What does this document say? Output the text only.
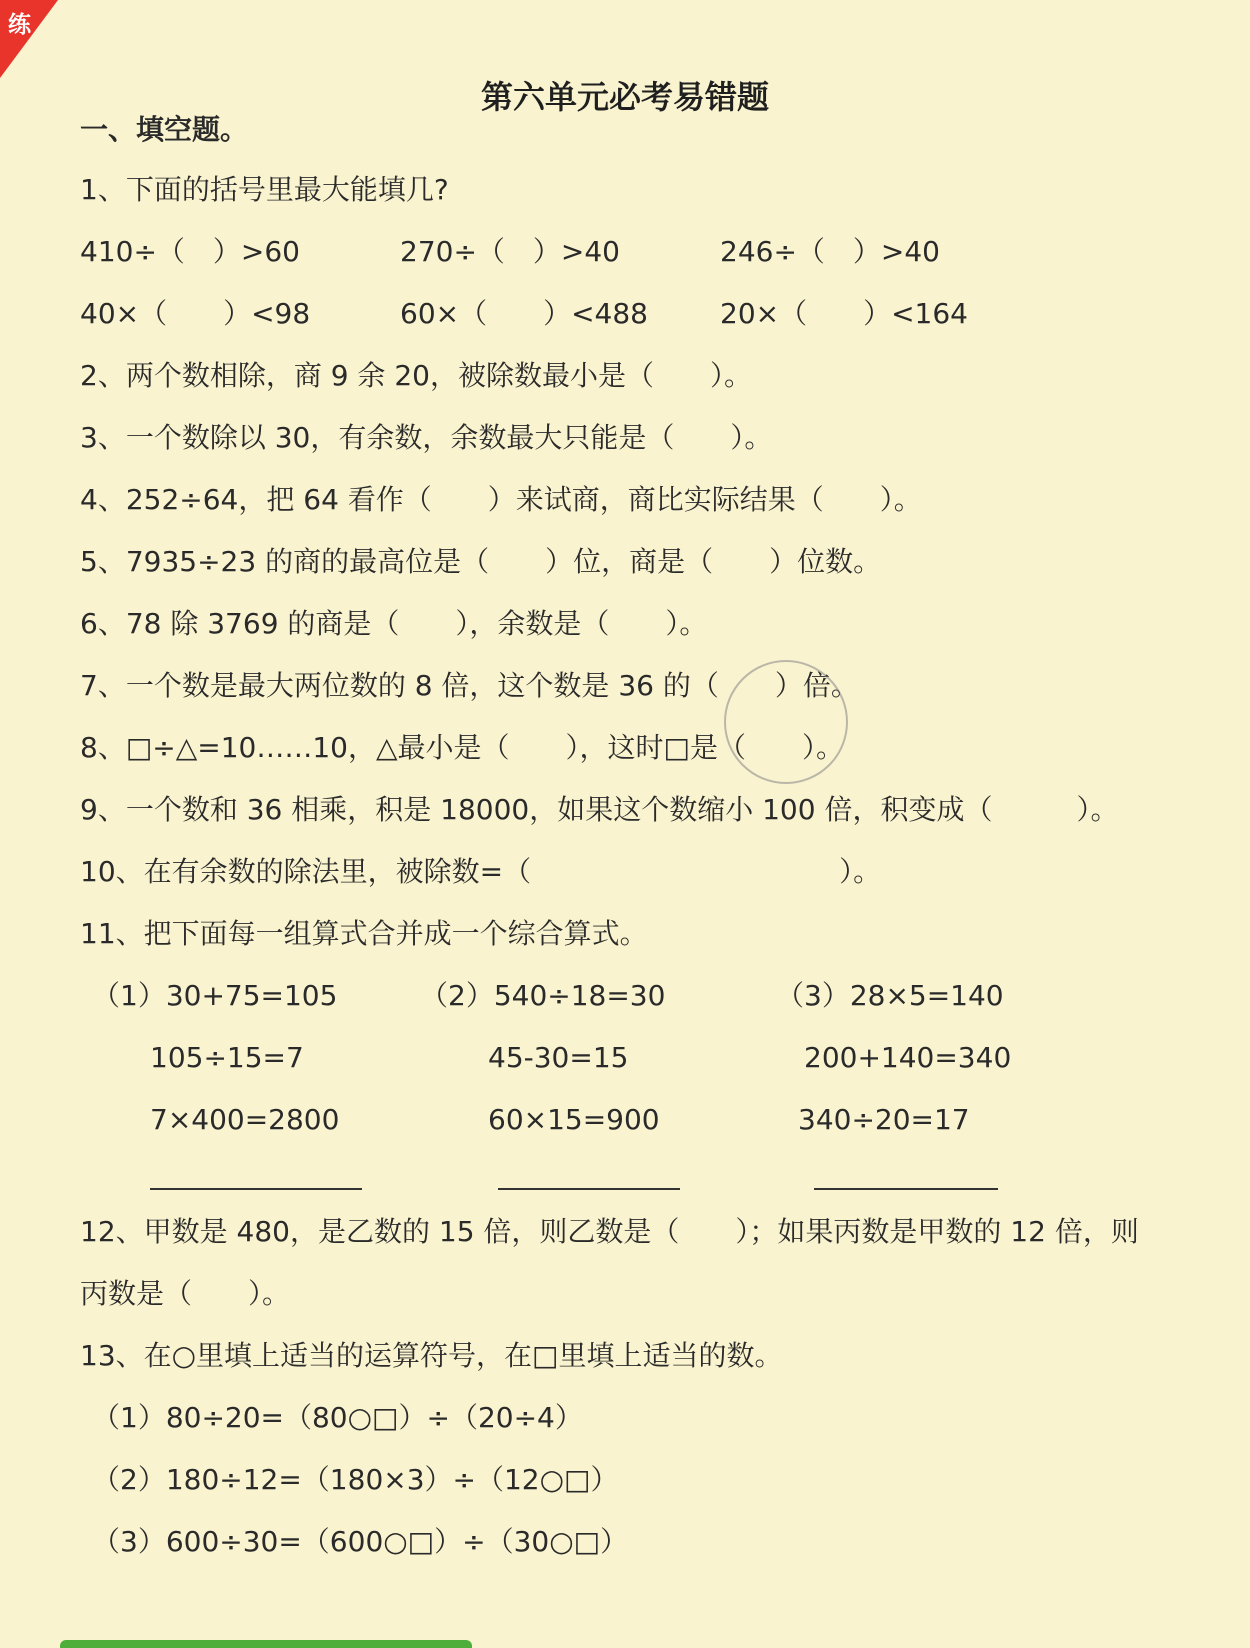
练
第六单元必考易错题
一、填空题。
1、下面的括号里最大能填几?
410÷（　）>60	270÷（　）>40	246÷（　）>40
40×（　　）<98	60×（　　）<488	20×（　　）<164
2、两个数相除，商 9 余 20，被除数最小是（　　）。
3、一个数除以 30，有余数，余数最大只能是（　　）。
4、252÷64，把 64 看作（　　）来试商，商比实际结果（　　）。
5、7935÷23 的商的最高位是（　　）位，商是（　　）位数。
6、78 除 3769 的商是（　　），余数是（　　）。
7、一个数是最大两位数的 8 倍，这个数是 36 的（　　）倍。
8、□÷△=10……10，△最小是（　　），这时□是（　　）。
9、一个数和 36 相乘，积是 18000，如果这个数缩小 100 倍，积变成（　　　）。
10、在有余数的除法里，被除数=（　　　　　　　　　　　）。
11、把下面每一组算式合并成一个综合算式。
（1）30+75=105
105÷15=7
7×400=2800
（2）540÷18=30
45-30=15
60×15=900
（3）28×5=140
200+140=340
340÷20=17
12、甲数是 480，是乙数的 15 倍，则乙数是（　　）；如果丙数是甲数的 12 倍，则
丙数是（　　）。
13、在○里填上适当的运算符号，在□里填上适当的数。
（1）80÷20=（80○□）÷（20÷4）
（2）180÷12=（180×3）÷（12○□）
（3）600÷30=（600○□）÷（30○□）
